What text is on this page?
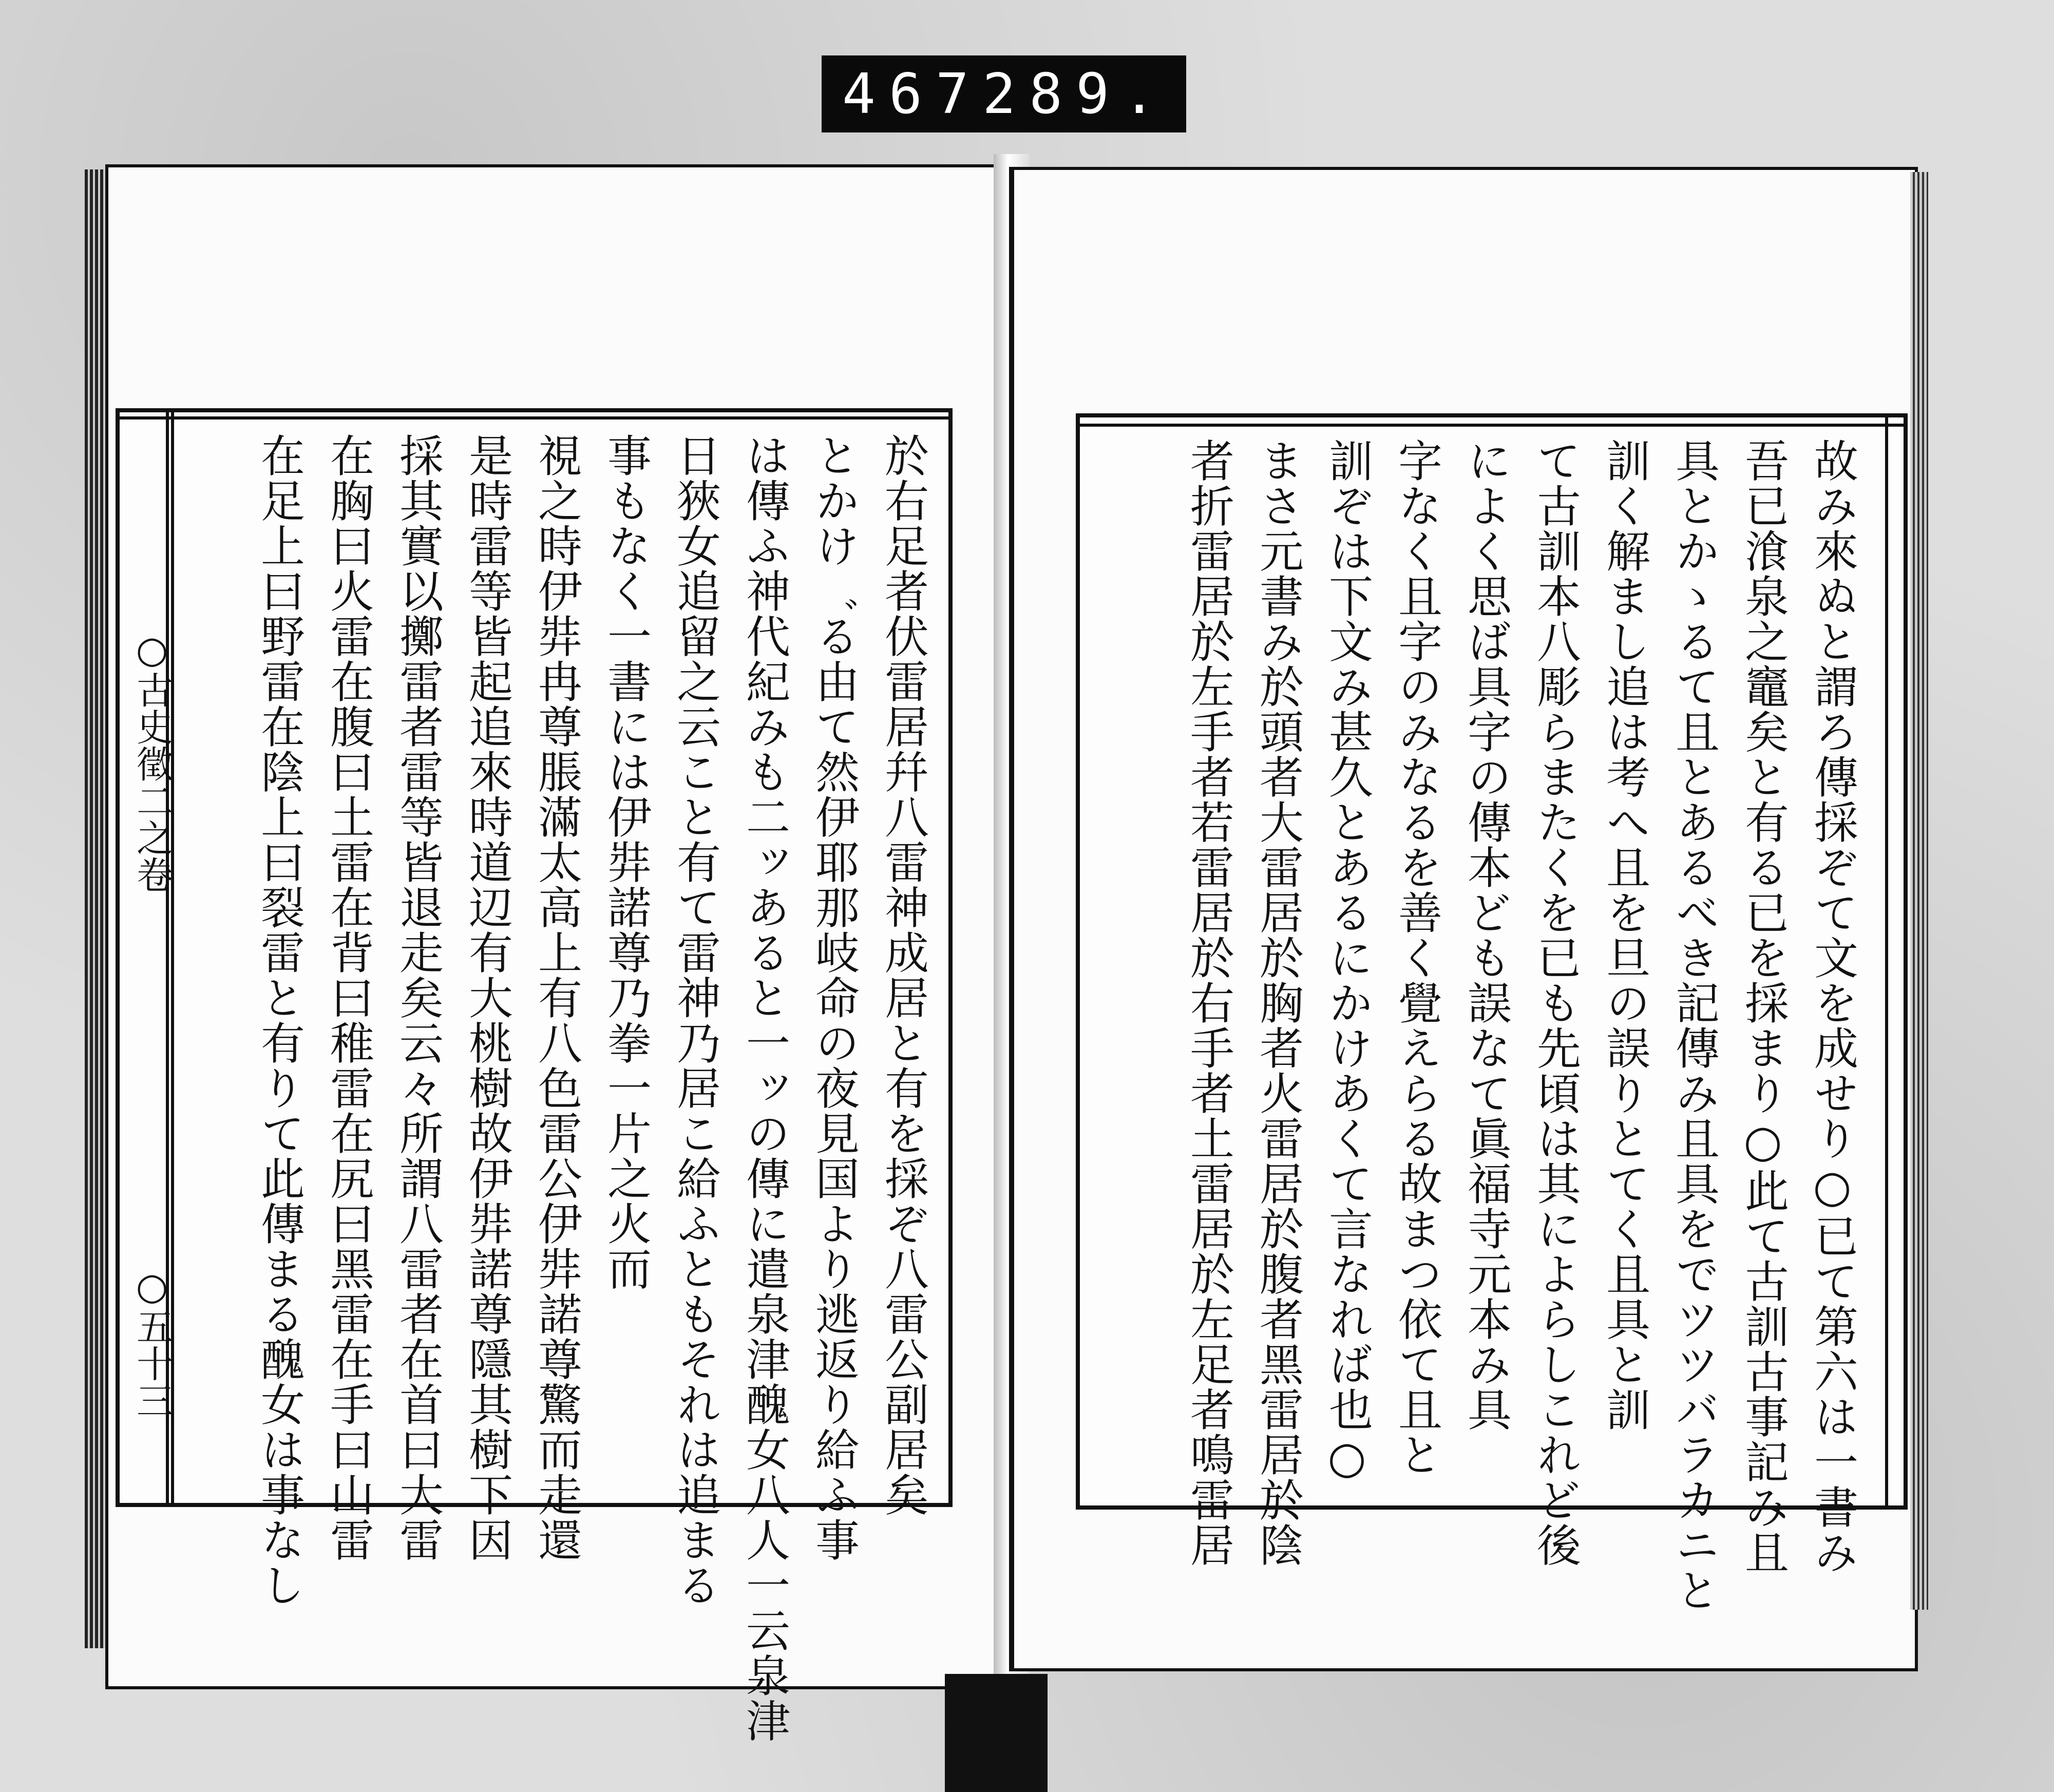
467 289.
○古史徵二之卷
○五十三	於右足者伏雷居幷八雷神成居と有を採ぞ八雷公副居矣
とかけ゛る由て然伊耶那岐命の夜見国より逃返り給ふ事
は傳ふ神代紀みも二ッあると一ッの傳に遣泉津醜女八人一云泉津
日狹女追留之云こと有て雷神乃居こ給ふともそれは追まる
事もなく一書には伊弉諾尊乃拳一片之火而
視之時伊弉冉尊脹滿太高上有八色雷公伊弉諾尊驚而走還
是時雷等皆起追來時道辺有大桃樹故伊弉諾尊隱其樹下因
採其實以擲雷者雷等皆退走矣云々所謂八雷者在首曰大雷
在胸曰火雷在腹曰土雷在背曰稚雷在尻曰黑雷在手曰山雷
在足上曰野雷在陰上曰裂雷と有りて此傳まる醜女は事なし	故み來ぬと謂ろ傳採ぞて文を成せり○已て第六は一書み
吾已湌泉之竈矣と有る已を採まり○此て古訓古事記み且
具とかゝるて且とあるべき記傳み且具をでツツバラカニと
訓く解まし追は考へ且を旦の誤りとてく且具と訓
て古訓本八彫らまたくを已も先頃は其によらしこれど後
によく思ば具字の傳本ども誤なて眞福寺元本み具
字なく且字のみなるを善く覺えらる故まつ依て且と
訓ぞは下文み甚久とあるにかけあくて言なれば也○
まさ元書み於頭者大雷居於胸者火雷居於腹者黑雷居於陰
者折雷居於左手者若雷居於右手者土雷居於左足者鳴雷居
